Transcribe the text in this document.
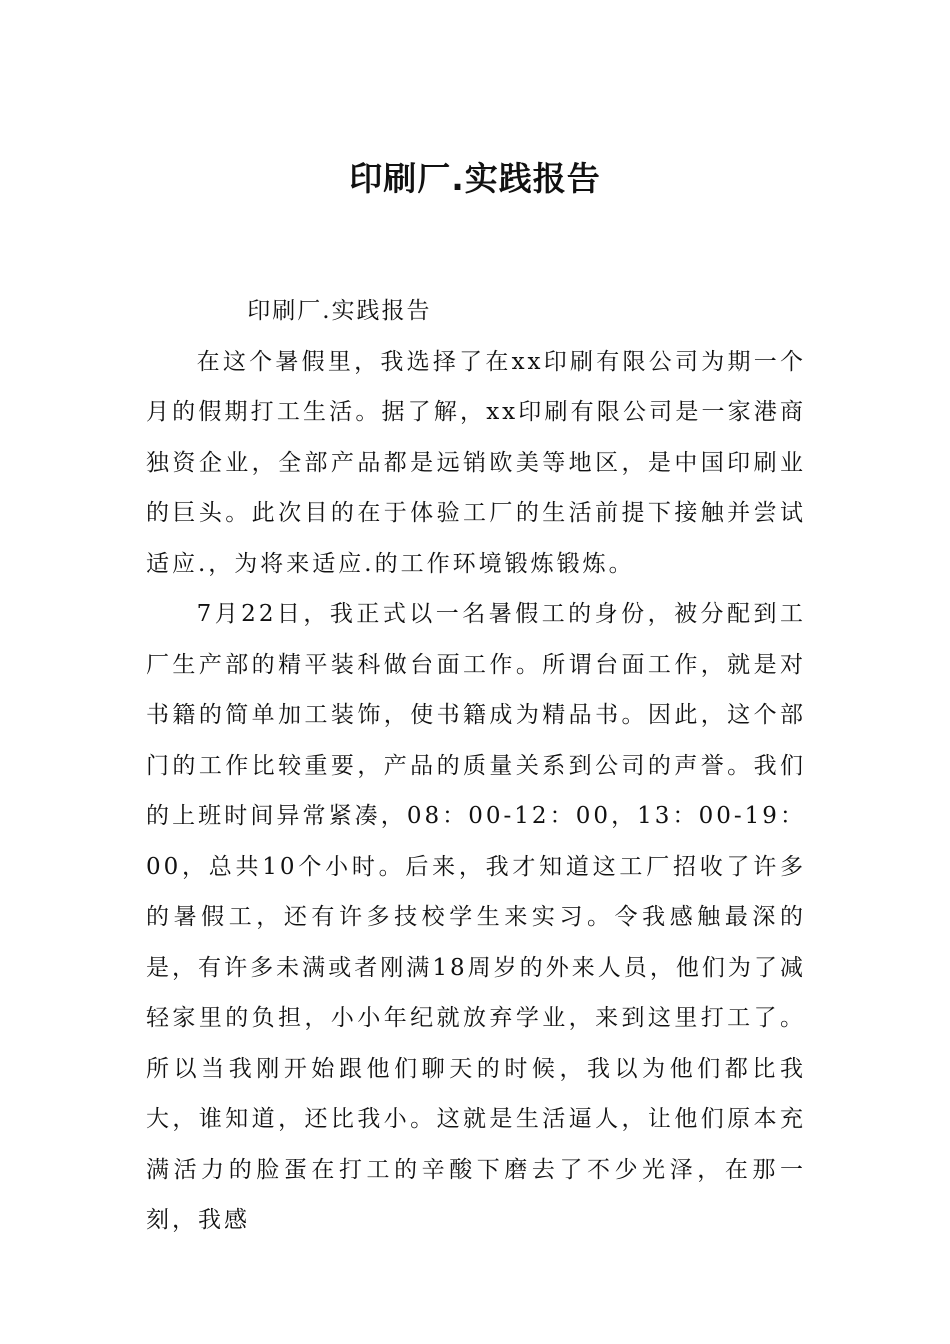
印刷厂.实践报告

印刷厂.实践报告

在这个暑假里，我选择了在xx印刷有限公司为期一个月的假期打工生活。据了解，xx印刷有限公司是一家港商独资企业，全部产品都是远销欧美等地区，是中国印刷业的巨头。此次目的在于体验工厂的生活前提下接触并尝试适应.，为将来适应.的工作环境锻炼锻炼。

7月22日，我正式以一名暑假工的身份，被分配到工厂生产部的精平装科做台面工作。所谓台面工作，就是对书籍的简单加工装饰，使书籍成为精品书。因此，这个部门的工作比较重要，产品的质量关系到公司的声誉。我们的上班时间异常紧凑，08：00-12：00，13：00-19：00，总共10个小时。后来，我才知道这工厂招收了许多的暑假工，还有许多技校学生来实习。令我感触最深的是，有许多未满或者刚满18周岁的外来人员，他们为了减轻家里的负担，小小年纪就放弃学业，来到这里打工了。所以当我刚开始跟他们聊天的时候，我以为他们都比我大，谁知道，还比我小。这就是生活逼人，让他们原本充满活力的脸蛋在打工的辛酸下磨去了不少光泽，在那一刻，我感
